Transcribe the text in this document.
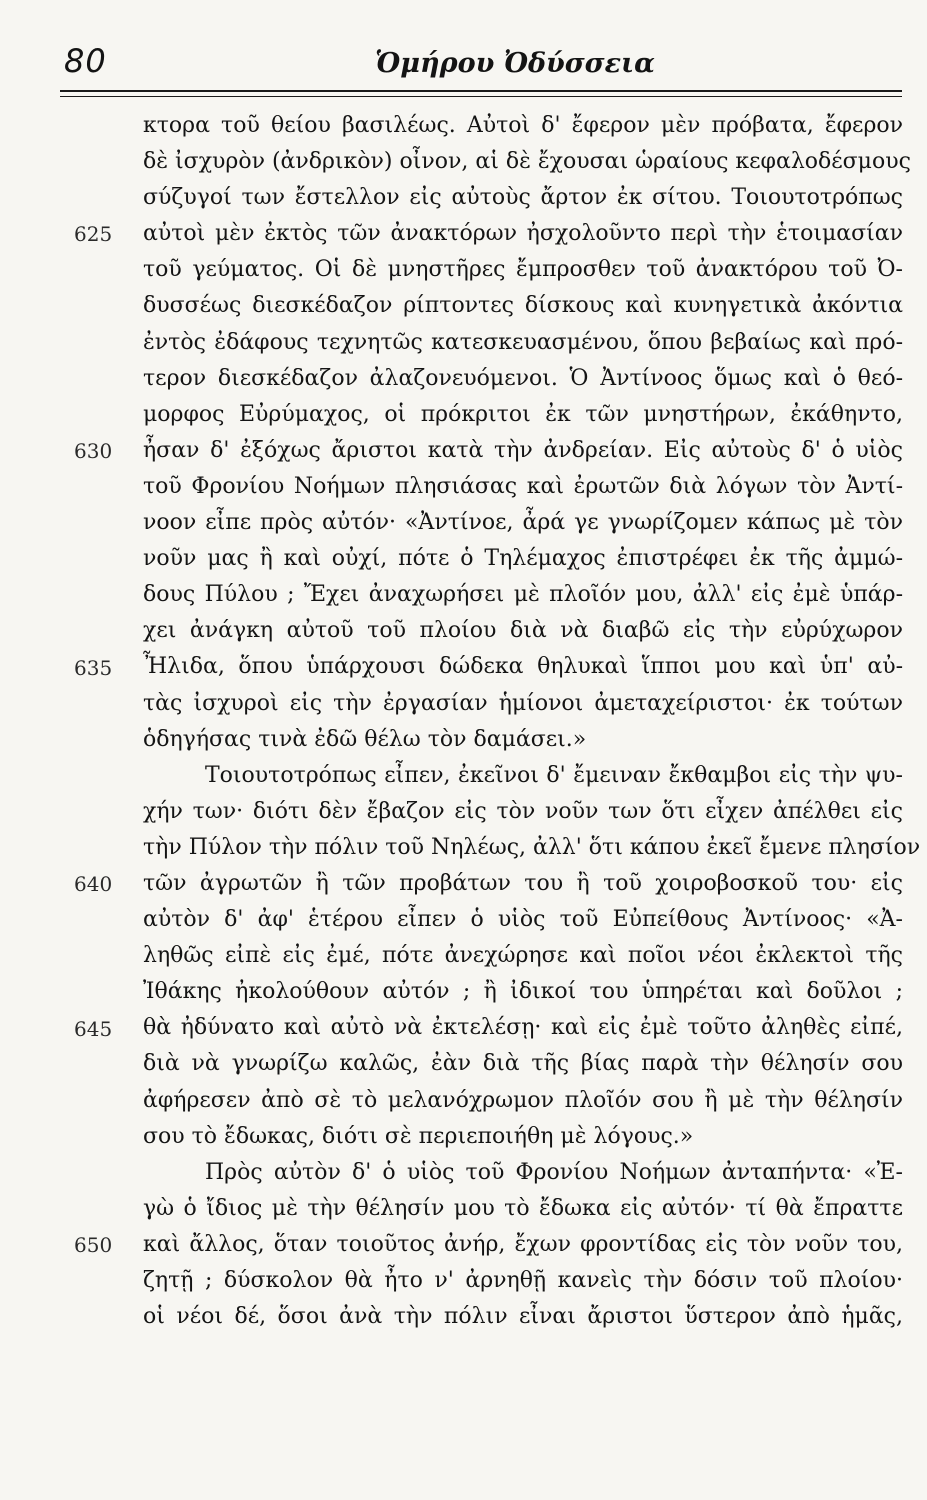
80	Ὁμήρου Ὀδύσσεια
κτορα τοῦ θείου βασιλέως. Αὐτοὶ δ' ἔφερον μὲν πρόβατα, ἔφερον
δὲ ἰσχυρὸν (ἀνδρικὸν) οἶνον, αἱ δὲ ἔχουσαι ὡραίους κεφαλοδέσμους
σύζυγοί των ἔστελλον εἰς αὐτοὺς ἄρτον ἐκ σίτου. Τοιουτοτρόπως
αὐτοὶ μὲν ἐκτὸς τῶν ἀνακτόρων ἠσχολοῦντο περὶ τὴν ἑτοιμασίαν
τοῦ γεύματος. Οἱ δὲ μνηστῆρες ἔμπροσθεν τοῦ ἀνακτόρου τοῦ Ὀ-
δυσσέως διεσκέδαζον ρίπτοντες δίσκους καὶ κυνηγετικὰ ἀκόντια
ἐντὸς ἐδάφους τεχνητῶς κατεσκευασμένου, ὅπου βεβαίως καὶ πρό-
τερον διεσκέδαζον ἀλαζονευόμενοι. Ὁ Ἀντίνοος ὅμως καὶ ὁ θεό-
μορφος Εὐρύμαχος, οἱ πρόκριτοι ἐκ τῶν μνηστήρων, ἐκάθηντο,
ἦσαν δ' ἐξόχως ἄριστοι κατὰ τὴν ἀνδρείαν. Εἰς αὐτοὺς δ' ὁ υἱὸς
τοῦ Φρονίου Νοήμων πλησιάσας καὶ ἐρωτῶν διὰ λόγων τὸν Ἀντί-
νοον εἶπε πρὸς αὐτόν· «Ἀντίνοε, ἆρά γε γνωρίζομεν κάπως μὲ τὸν
νοῦν μας ἢ καὶ οὐχί, πότε ὁ Τηλέμαχος ἐπιστρέφει ἐκ τῆς ἀμμώ-
δους Πύλου ; Ἔχει ἀναχωρήσει μὲ πλοῖόν μου, ἀλλ' εἰς ἐμὲ ὑπάρ-
χει ἀνάγκη αὐτοῦ τοῦ πλοίου διὰ νὰ διαβῶ εἰς τὴν εὐρύχωρον
Ἦλιδα, ὅπου ὑπάρχουσι δώδεκα θηλυκαὶ ἵπποι μου καὶ ὑπ' αὐ-
τὰς ἰσχυροὶ εἰς τὴν ἐργασίαν ἡμίονοι ἀμεταχείριστοι· ἐκ τούτων
ὁδηγήσας τινὰ ἐδῶ θέλω τὸν δαμάσει.»
Τοιουτοτρόπως εἶπεν, ἐκεῖνοι δ' ἔμειναν ἔκθαμβοι εἰς τὴν ψυ-
χήν των· διότι δὲν ἔβαζον εἰς τὸν νοῦν των ὅτι εἶχεν ἀπέλθει εἰς
τὴν Πύλον τὴν πόλιν τοῦ Νηλέως, ἀλλ' ὅτι κάπου ἐκεῖ ἔμενε πλησίον
τῶν ἀγρωτῶν ἢ τῶν προβάτων του ἢ τοῦ χοιροβοσκοῦ του· εἰς
αὐτὸν δ' ἀφ' ἑτέρου εἶπεν ὁ υἱὸς τοῦ Εὐπείθους Ἀντίνοος· «Ἀ-
ληθῶς εἰπὲ εἰς ἐμέ, πότε ἀνεχώρησε καὶ ποῖοι νέοι ἐκλεκτοὶ τῆς
Ἰθάκης ἠκολούθουν αὐτόν ; ἢ ἰδικοί του ὑπηρέται καὶ δοῦλοι ;
θὰ ἠδύνατο καὶ αὐτὸ νὰ ἐκτελέσῃ· καὶ εἰς ἐμὲ τοῦτο ἀληθὲς εἰπέ,
διὰ νὰ γνωρίζω καλῶς, ἐὰν διὰ τῆς βίας παρὰ τὴν θέλησίν σου
ἀφήρεσεν ἀπὸ σὲ τὸ μελανόχρωμον πλοῖόν σου ἢ μὲ τὴν θέλησίν
σου τὸ ἔδωκας, διότι σὲ περιεποιήθη μὲ λόγους.»
Πρὸς αὐτὸν δ' ὁ υἱὸς τοῦ Φρονίου Νοήμων ἀνταπήντα· «Ἐ-
γὼ ὁ ἴδιος μὲ τὴν θέλησίν μου τὸ ἔδωκα εἰς αὐτόν· τί θὰ ἔπραττε
καὶ ἄλλος, ὅταν τοιοῦτος ἀνήρ, ἔχων φροντίδας εἰς τὸν νοῦν του,
ζητῇ ; δύσκολον θὰ ἦτο ν' ἀρνηθῇ κανεὶς τὴν δόσιν τοῦ πλοίου·
οἱ νέοι δέ, ὅσοι ἀνὰ τὴν πόλιν εἶναι ἄριστοι ὕστερον ἀπὸ ἡμᾶς,
625
630
635
640
645
650
